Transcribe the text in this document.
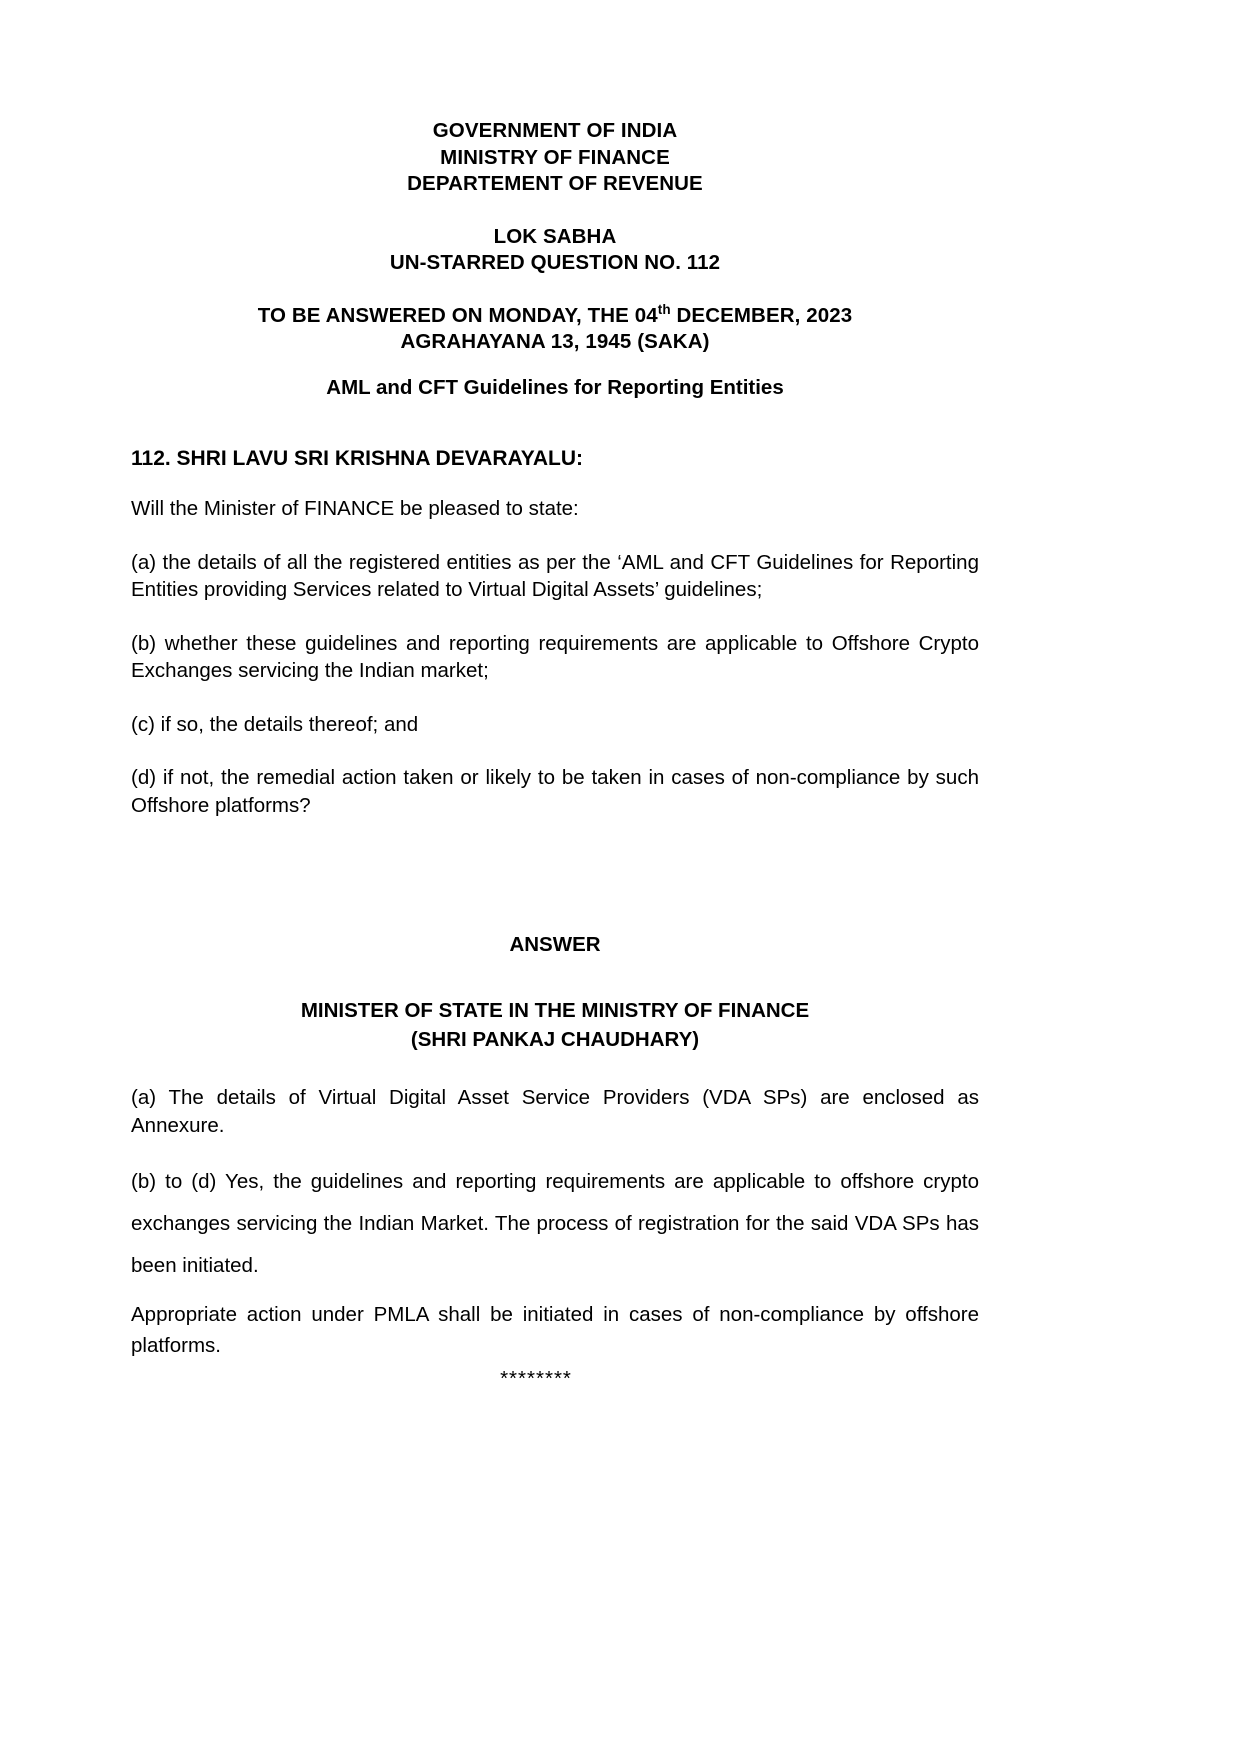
GOVERNMENT OF INDIA
MINISTRY OF FINANCE
DEPARTEMENT OF REVENUE
LOK SABHA
UN-STARRED QUESTION NO. 112
TO BE ANSWERED ON MONDAY, THE 04th DECEMBER, 2023
AGRAHAYANA 13, 1945 (SAKA)
AML and CFT Guidelines for Reporting Entities
112. SHRI LAVU SRI KRISHNA DEVARAYALU:
Will the Minister of FINANCE be pleased to state:
(a) the details of all the registered entities as per the ‘AML and CFT Guidelines for Reporting Entities providing Services related to Virtual Digital Assets’ guidelines;
(b) whether these guidelines and reporting requirements are applicable to Offshore Crypto Exchanges servicing the Indian market;
(c) if so, the details thereof; and
(d) if not, the remedial action taken or likely to be taken in cases of non-compliance by such Offshore platforms?
ANSWER
MINISTER OF STATE IN THE MINISTRY OF FINANCE
(SHRI PANKAJ CHAUDHARY)
(a) The details of Virtual Digital Asset Service Providers (VDA SPs) are enclosed as Annexure.
(b) to (d) Yes, the guidelines and reporting requirements are applicable to offshore crypto exchanges servicing the Indian Market. The process of registration for the said VDA SPs has been initiated.
Appropriate action under PMLA shall be initiated in cases of non-compliance by offshore platforms.
********
